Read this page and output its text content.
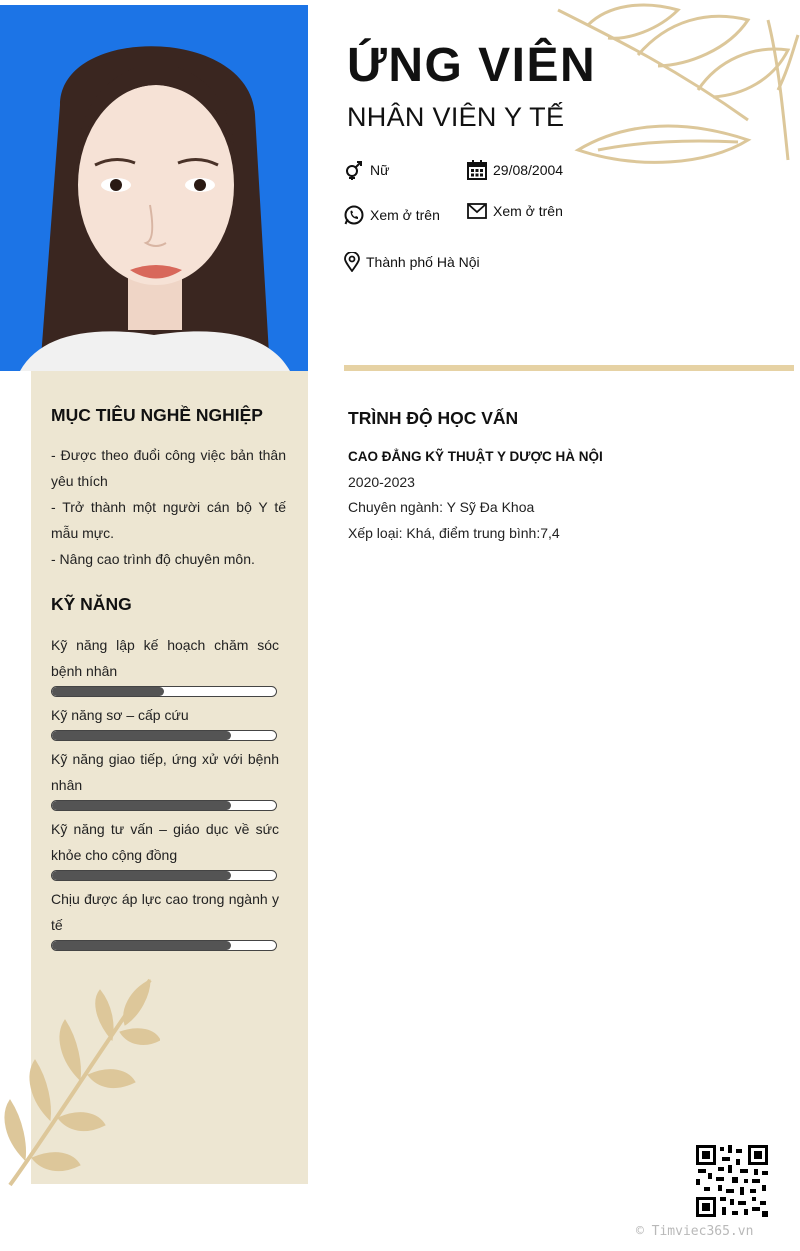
ỨNG VIÊN
NHÂN VIÊN Y TẾ
Nữ	29/08/2004
Xem ở trên	Xem ở trên
Thành phố Hà Nội
MỤC TIÊU NGHỀ NGHIỆP
- Được theo đuổi công việc bản thân yêu thích
- Trở thành một người cán bộ Y tế mẫu mực.
- Nâng cao trình độ chuyên môn.
KỸ NĂNG
Kỹ năng lập kế hoạch chăm sóc bệnh nhân
Kỹ năng sơ – cấp cứu
Kỹ năng giao tiếp, ứng xử với bệnh nhân
Kỹ năng tư vấn – giáo dục về sức khỏe cho cộng đồng
Chịu được áp lực cao trong ngành y tế
TRÌNH ĐỘ HỌC VẤN
CAO ĐẲNG KỸ THUẬT Y DƯỢC HÀ NỘI
2020-2023
Chuyên ngành: Y Sỹ Đa Khoa
Xếp loại: Khá, điểm trung bình:7,4
© Timviec365.vn
